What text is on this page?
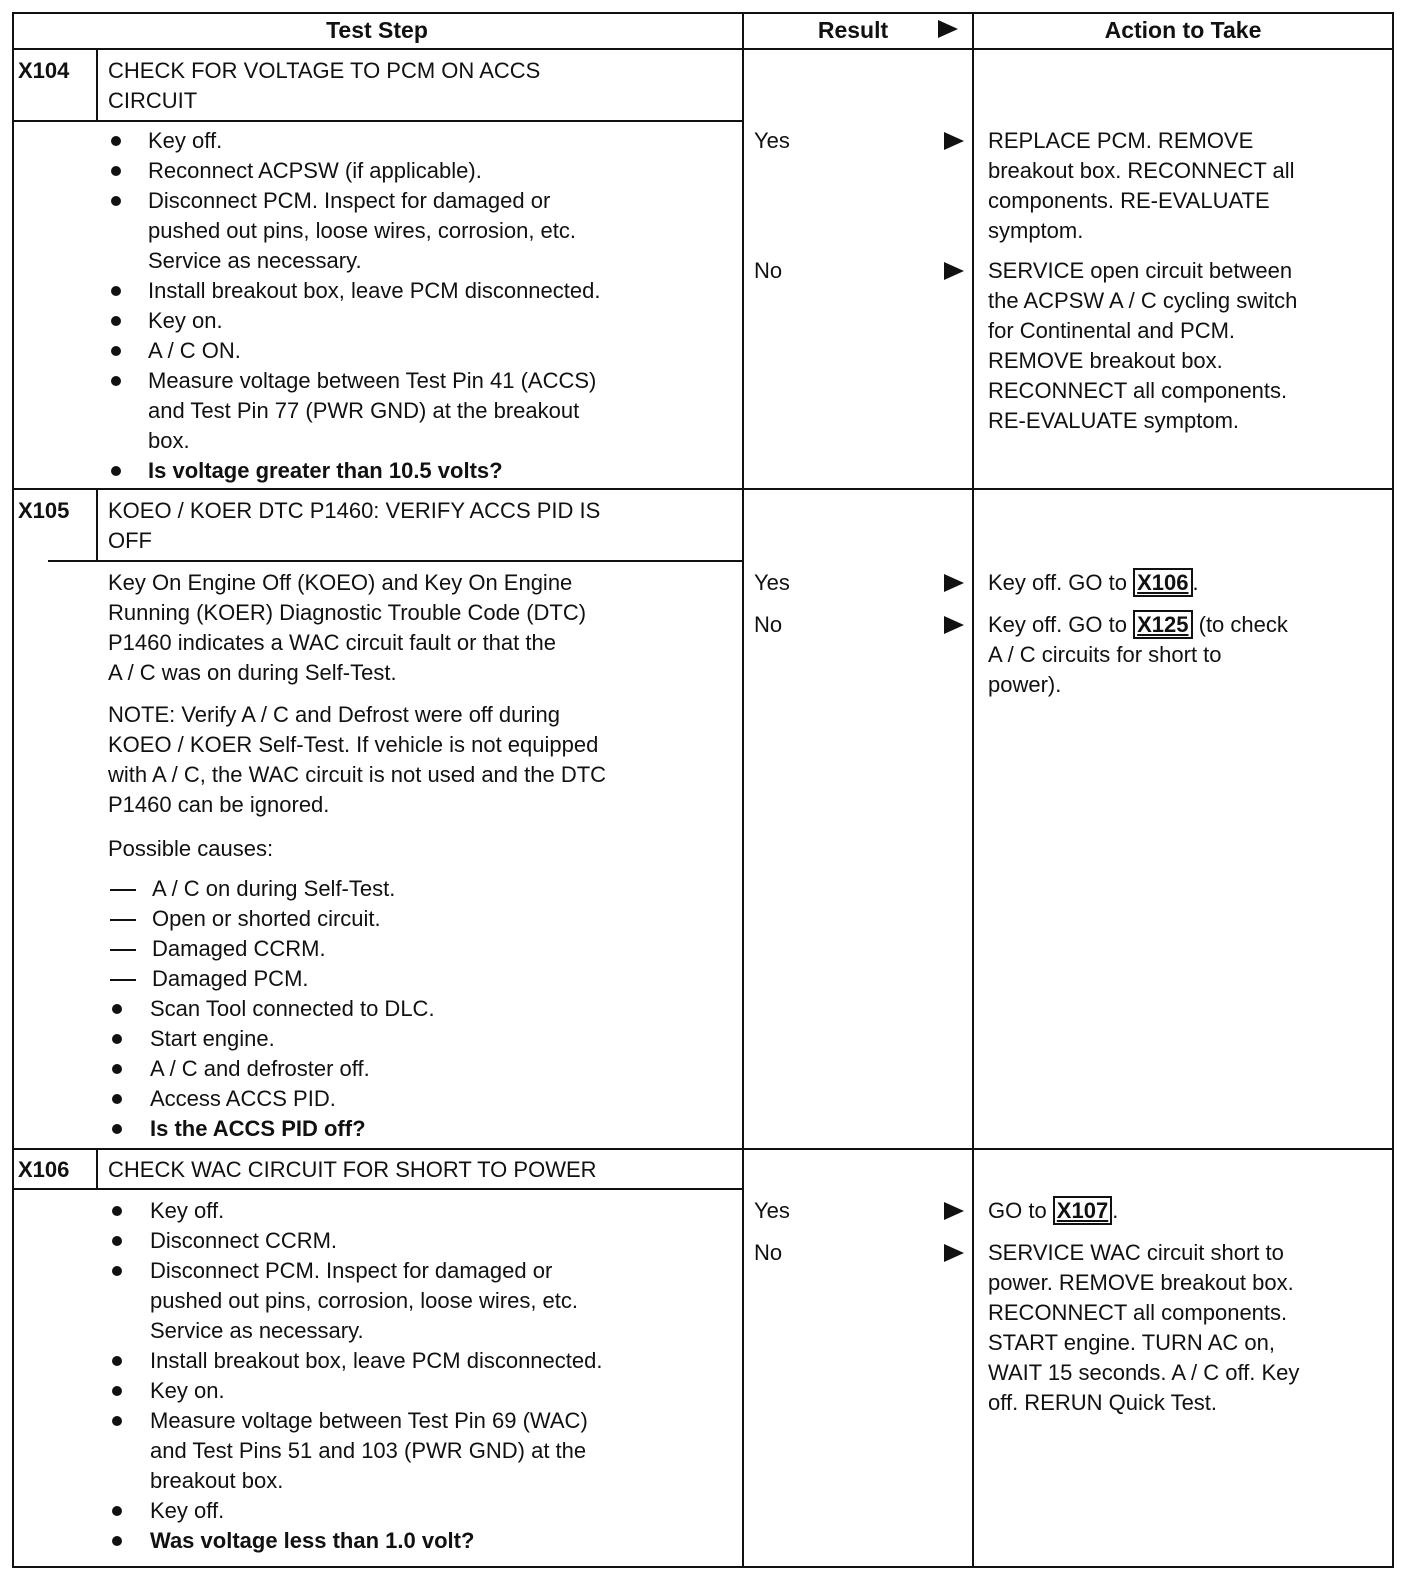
Test Step	Result	Action to Take
X104 CHECK FOR VOLTAGE TO PCM ON ACCS
CIRCUIT
Key off.
Reconnect ACPSW (if applicable).
Disconnect PCM. Inspect for damaged or
pushed out pins, loose wires, corrosion, etc.
Service as necessary.
Install breakout box, leave PCM disconnected.
Key on.
A / C ON.
Measure voltage between Test Pin 41 (ACCS)
and Test Pin 77 (PWR GND) at the breakout
box.
Is voltage greater than 10.5 volts?
Yes	REPLACE PCM. REMOVE
breakout box. RECONNECT all
components. RE-EVALUATE
symptom.
No	SERVICE open circuit between
the ACPSW A / C cycling switch
for Continental and PCM.
REMOVE breakout box.
RECONNECT all components.
RE-EVALUATE symptom.
X105 KOEO / KOER DTC P1460: VERIFY ACCS PID IS
OFF
Key On Engine Off (KOEO) and Key On Engine
Running (KOER) Diagnostic Trouble Code (DTC)
P1460 indicates a WAC circuit fault or that the
A / C was on during Self-Test.
NOTE: Verify A / C and Defrost were off during
KOEO / KOER Self-Test. If vehicle is not equipped
with A / C, the WAC circuit is not used and the DTC
P1460 can be ignored.
Possible causes:
A / C on during Self-Test.
Open or shorted circuit.
Damaged CCRM.
Damaged PCM.
Scan Tool connected to DLC.
Start engine.
A / C and defroster off.
Access ACCS PID.
Is the ACCS PID off?
Yes	Key off. GO to X106 .
No	Key off. GO to X125 (to check
A / C circuits for short to
power).
X106 CHECK WAC CIRCUIT FOR SHORT TO POWER
Key off.
Disconnect CCRM.
Disconnect PCM. Inspect for damaged or
pushed out pins, corrosion, loose wires, etc.
Service as necessary.
Install breakout box, leave PCM disconnected.
Key on.
Measure voltage between Test Pin 69 (WAC)
and Test Pins 51 and 103 (PWR GND) at the
breakout box.
Key off.
Was voltage less than 1.0 volt?
Yes	GO to X107 .
No	SERVICE WAC circuit short to
power. REMOVE breakout box.
RECONNECT all components.
START engine. TURN AC on,
WAIT 15 seconds. A / C off. Key
off. RERUN Quick Test.
